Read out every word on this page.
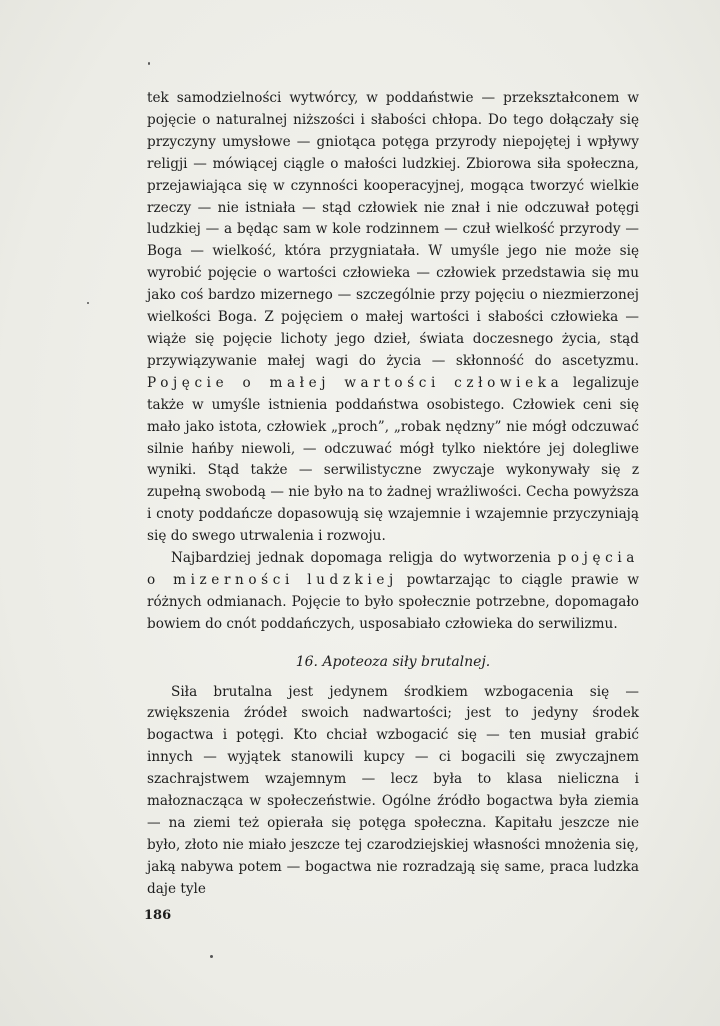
tek samodzielności wytwórcy, w poddaństwie — przekształconem w pojęcie o naturalnej niższości i słabości chłopa. Do tego dołączały się przyczyny umysłowe — gniotąca potęga przyrody niepojętej i wpływy religji — mówiącej ciągle o małości ludzkiej. Zbiorowa siła społeczna, przejawiająca się w czynności kooperacyjnej, mogąca tworzyć wielkie rzeczy — nie istniała — stąd człowiek nie znał i nie odczuwał potęgi ludzkiej — a będąc sam w kole rodzinnem — czuł wielkość przyrody — Boga — wielkość, która przygniatała. W umyśle jego nie może się wyrobić pojęcie o wartości człowieka — człowiek przedstawia się mu jako coś bardzo mizernego — szczególnie przy pojęciu o niezmierzonej wielkości Boga. Z pojęciem o małej wartości i słabości człowieka — wiąże się pojęcie lichoty jego dzieł, świata doczesnego życia, stąd przywiązywanie małej wagi do życia — skłonność do ascetyzmu. Pojęcie o małej wartości człowieka legalizuje także w umyśle istnienia poddaństwa osobistego. Człowiek ceni się mało jako istota, człowiek „proch”, „robak nędzny” nie mógł odczuwać silnie hańby niewoli, — odczuwać mógł tylko niektóre jej dolegliwe wyniki. Stąd także — serwilistyczne zwyczaje wykonywały się z zupełną swobodą — nie było na to żadnej wrażliwości. Cecha powyższa i cnoty poddańcze dopasowują się wzajemnie i wzajemnie przyczyniają się do swego utrwalenia i rozwoju.

Najbardziej jednak dopomaga religja do wytworzenia pojęcia o mizerności ludzkiej powtarzając to ciągle prawie w różnych odmianach. Pojęcie to było społecznie potrzebne, dopomagało bowiem do cnót poddańczych, usposabiało człowieka do serwilizmu.

16. Apoteoza siły brutalnej.

Siła brutalna jest jedynem środkiem wzbogacenia się — zwiększenia źródeł swoich nadwartości; jest to jedyny środek bogactwa i potęgi. Kto chciał wzbogacić się — ten musiał grabić innych — wyjątek stanowili kupcy — ci bogacili się zwyczajnem szachrajstwem wzajemnym — lecz była to klasa nieliczna i małoznacząca w społeczeństwie. Ogólne źródło bogactwa była ziemia — na ziemi też opierała się potęga społeczna. Kapitału jeszcze nie było, złoto nie miało jeszcze tej czarodziejskiej własności mnożenia się, jaką nabywa potem — bogactwa nie rozradzają się same, praca ludzka daje tyle

186
